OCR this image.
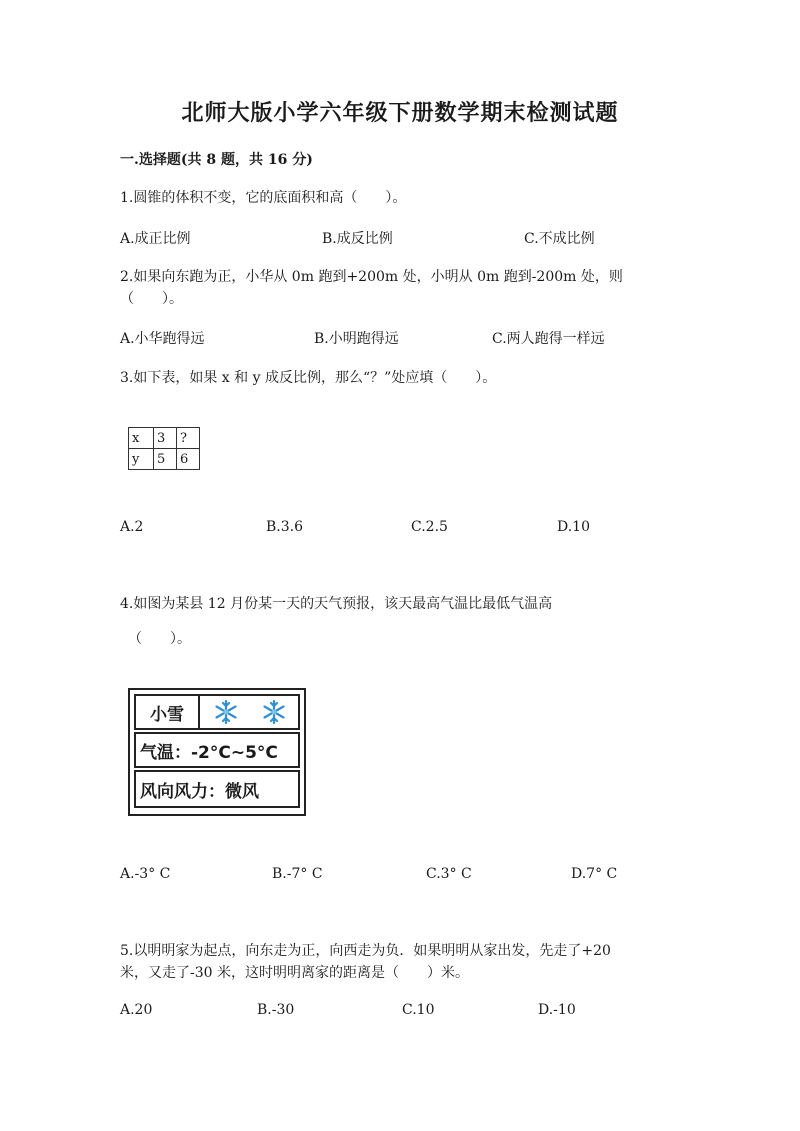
北师大版小学六年级下册数学期末检测试题
一.选择题(共 8 题，共 16 分)
1.圆锥的体积不变，它的底面积和高（　　）。
A.成正比例	B.成反比例	C.不成比例
2.如果向东跑为正，小华从 0m 跑到+200m 处，小明从 0m 跑到-200m 处，则
（　　）。
A.小华跑得远	B.小明跑得远	C.两人跑得一样远
3.如下表，如果 x 和 y 成反比例，那么“？”处应填（　　）。
x	3	?
y	5	6
A.2	B.3.6	C.2.5	D.10
4.如图为某县 12 月份某一天的天气预报，该天最高气温比最低气温高
（　　）。
小雪
气温：-2°C~5°C
风向风力：微风
A.-3° C	B.-7° C	C.3° C	D.7° C
5.以明明家为起点，向东走为正，向西走为负．如果明明从家出发，先走了+20
米，又走了-30 米，这时明明离家的距离是（　　）米。
A.20	B.-30	C.10	D.-10
